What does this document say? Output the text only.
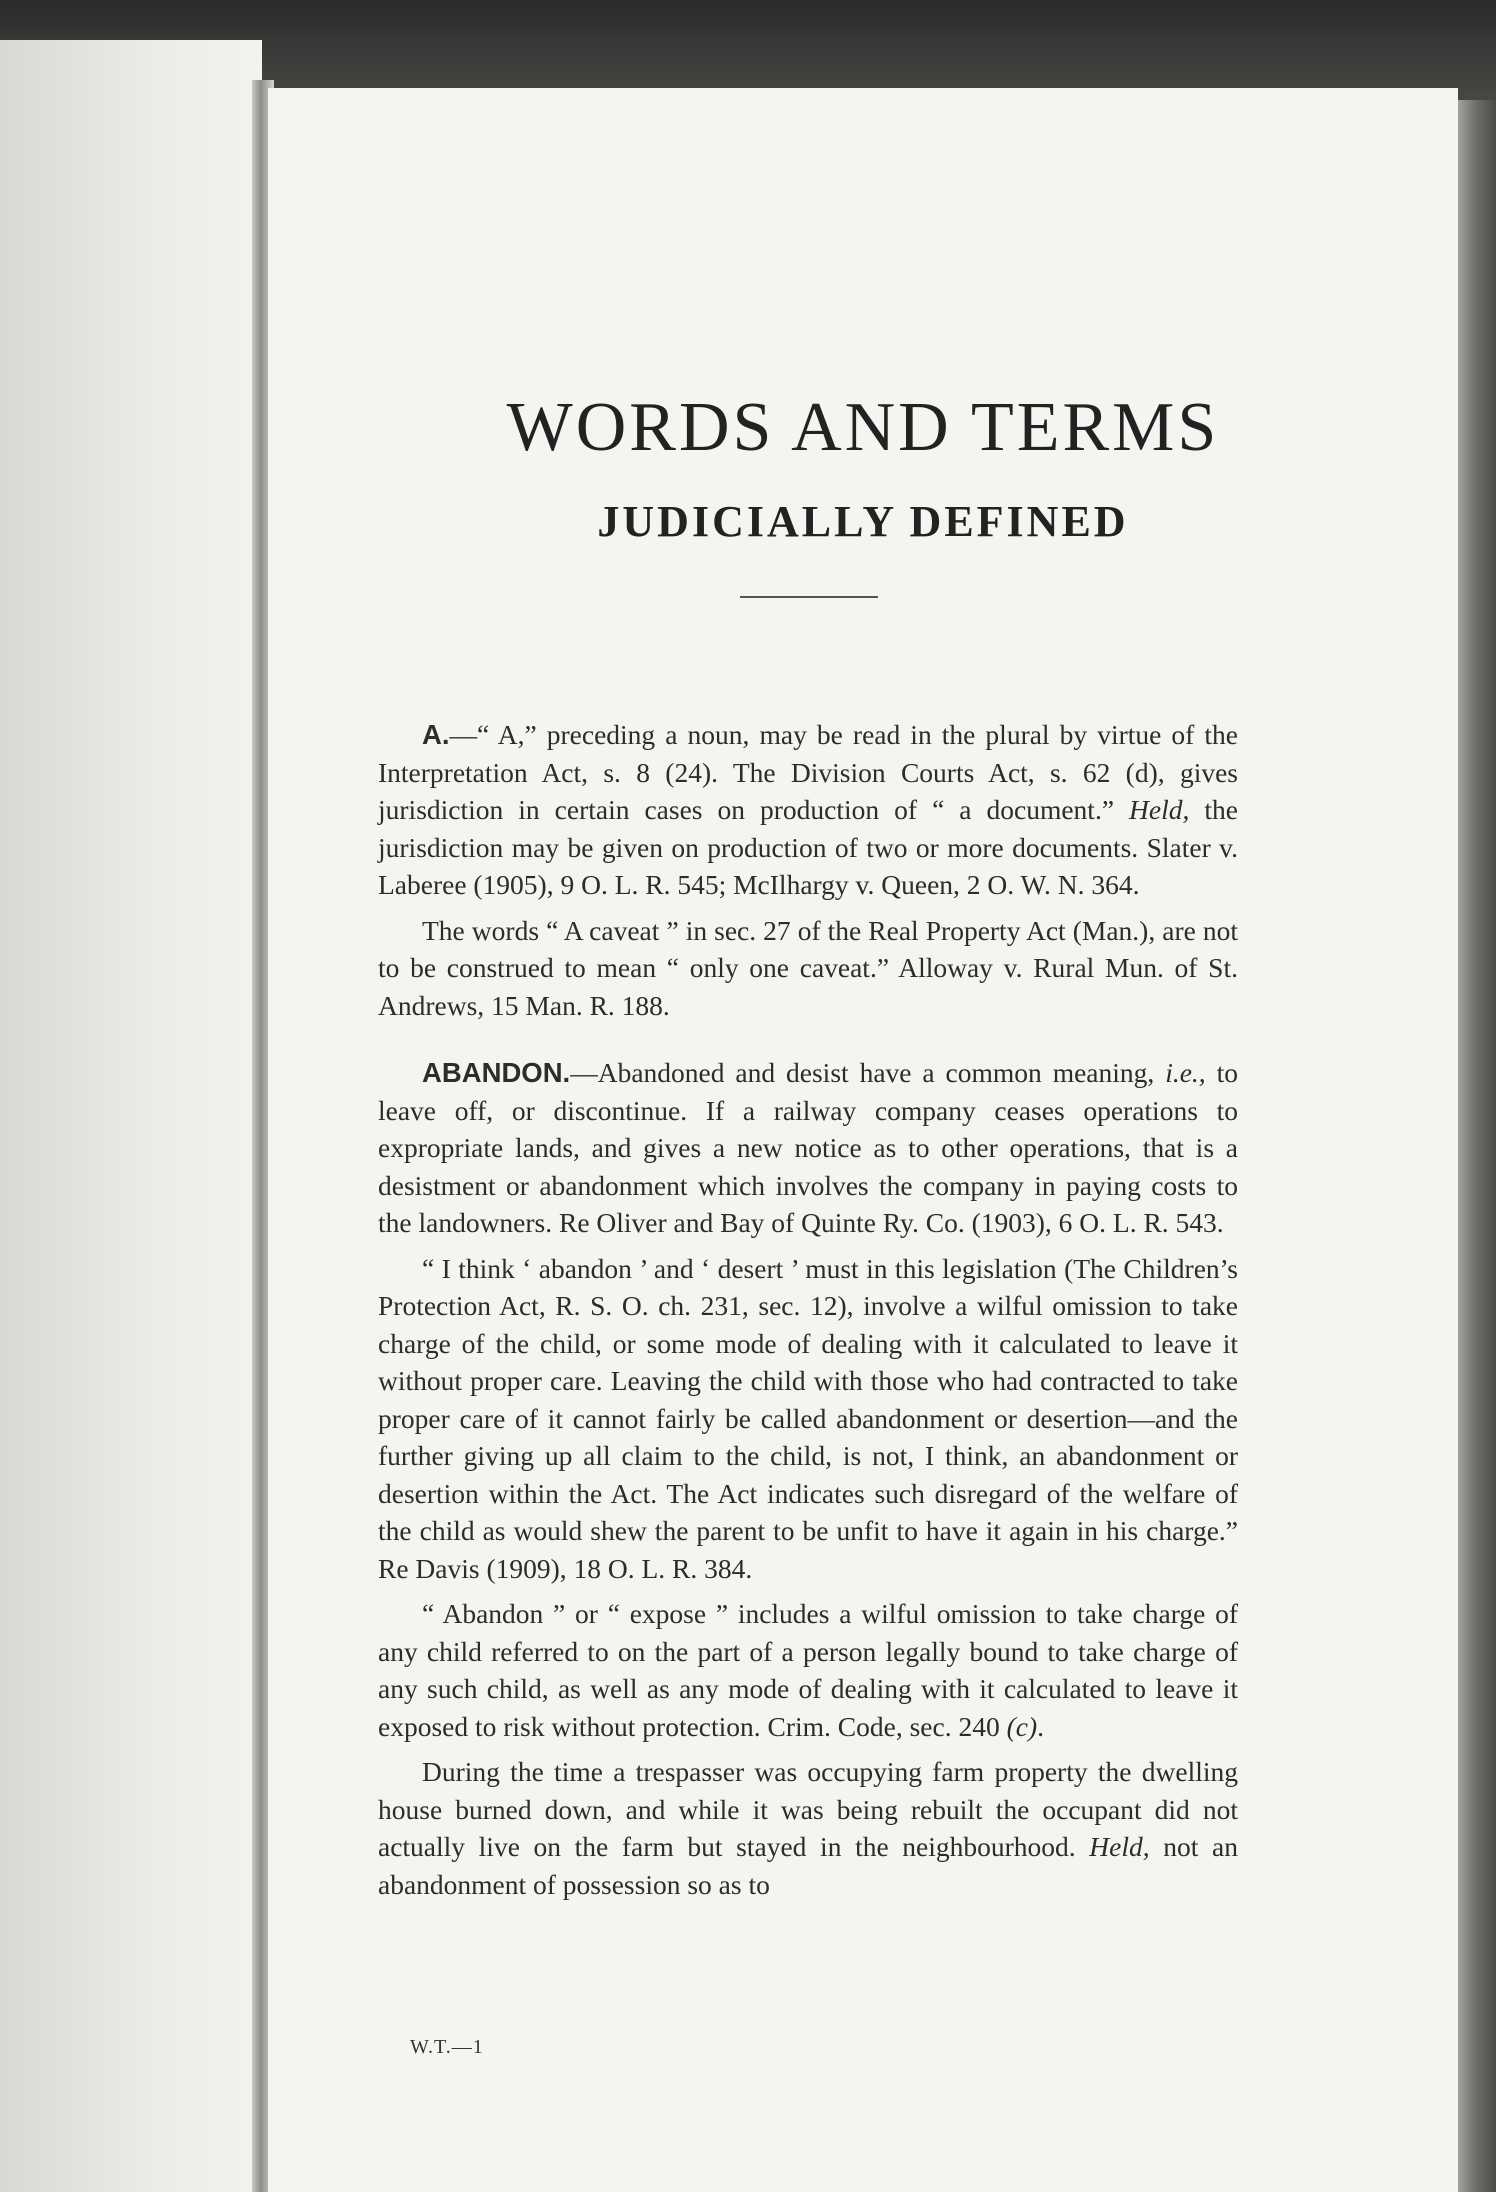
WORDS AND TERMS
JUDICIALLY DEFINED

A.—“ A,” preceding a noun, may be read in the plural by virtue of the Interpretation Act, s. 8 (24). The Division Courts Act, s. 62 (d), gives jurisdiction in certain cases on production of “ a document.” Held, the jurisdiction may be given on production of two or more documents. Slater v. Laberee (1905), 9 O. L. R. 545; McIlhargy v. Queen, 2 O. W. N. 364.

The words “ A caveat ” in sec. 27 of the Real Property Act (Man.), are not to be construed to mean “ only one caveat.” Alloway v. Rural Mun. of St. Andrews, 15 Man. R. 188.

ABANDON.—Abandoned and desist have a common meaning, i.e., to leave off, or discontinue. If a railway company ceases operations to expropriate lands, and gives a new notice as to other operations, that is a desistment or abandonment which involves the company in paying costs to the landowners. Re Oliver and Bay of Quinte Ry. Co. (1903), 6 O. L. R. 543.

“ I think ‘ abandon ’ and ‘ desert ’ must in this legislation (The Children’s Protection Act, R. S. O. ch. 231, sec. 12), involve a wilful omission to take charge of the child, or some mode of dealing with it calculated to leave it without proper care. Leaving the child with those who had contracted to take proper care of it cannot fairly be called abandonment or desertion—and the further giving up all claim to the child, is not, I think, an abandonment or desertion within the Act. The Act indicates such disregard of the welfare of the child as would shew the parent to be unfit to have it again in his charge.” Re Davis (1909), 18 O. L. R. 384.

“ Abandon ” or “ expose ” includes a wilful omission to take charge of any child referred to on the part of a person legally bound to take charge of any such child, as well as any mode of dealing with it calculated to leave it exposed to risk without protection. Crim. Code, sec. 240 (c).

During the time a trespasser was occupying farm property the dwelling house burned down, and while it was being rebuilt the occupant did not actually live on the farm but stayed in the neighbourhood. Held, not an abandonment of possession so as to

W.T.—1
